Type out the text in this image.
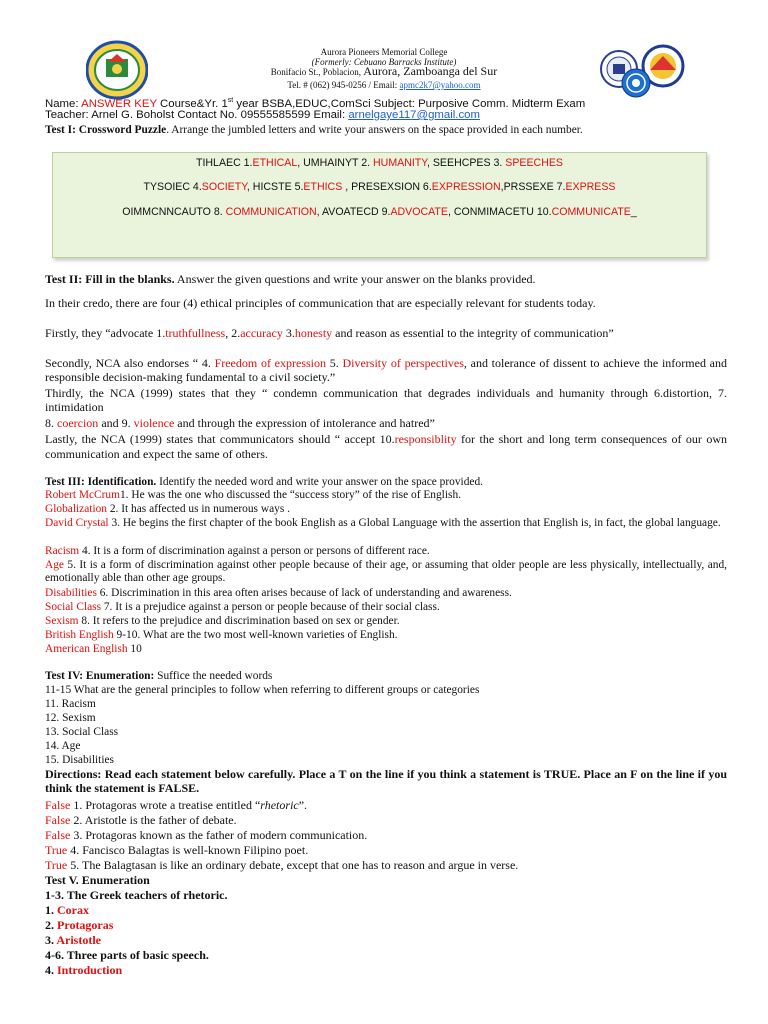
Aurora Pioneers Memorial College
(Formerly: Cebuano Barracks Institute)
Bonifacio St., Poblacion, Aurora, Zamboanga del Sur
Tel. # (062) 945-0256 / Email: apmc2k7@yahoo.com
Name: ANSWER KEY Course&Yr. 1st year BSBA,EDUC,ComSci Subject: Purposive Comm. Midterm Exam
Teacher: Arnel G. Boholst Contact No. 09555585599 Email: arnelgaye117@gmail.com
Test I: Crossword Puzzle. Arrange the jumbled letters and write your answers on the space provided in each number.
TIHLAEC 1.ETHICAL, UMHAINYT 2. HUMANITY, SEEHCPES 3. SPEECHES
TYSOIEC 4.SOCIETY, HICSTE 5.ETHICS , PRESEXSION 6.EXPRESSION,PRSSEXE 7.EXPRESS
OIMMCNNCAUTO 8. COMMUNICATION, AVOATECD 9.ADVOCATE, CONMIMACETU 10.COMMUNICATE_
Test II: Fill in the blanks. Answer the given questions and write your answer on the blanks provided.
In their credo, there are four (4) ethical principles of communication that are especially relevant for students today.
Firstly, they “advocate 1.truthfullness, 2.accuracy 3.honesty and reason as essential to the integrity of communication”
Secondly, NCA also endorses “ 4. Freedom of expression 5. Diversity of perspectives, and tolerance of dissent to achieve the informed and responsible decision-making fundamental to a civil society.”
Thirdly, the NCA (1999) states that they “ condemn communication that degrades individuals and humanity through 6.distortion, 7. intimidation
8. coercion and 9. violence and through the expression of intolerance and hatred”
Lastly, the NCA (1999) states that communicators should “ accept 10.responsiblity for the short and long term consequences of our own communication and expect the same of others.
Test III: Identification. Identify the needed word and write your answer on the space provided.
Robert McCrum1. He was the one who discussed the “success story” of the rise of English.
Globalization 2. It has affected us in numerous ways .
David Crystal 3. He begins the first chapter of the book English as a Global Language with the assertion that English is, in fact, the global language.
Racism 4. It is a form of discrimination against a person or persons of different race.
Age 5. It is a form of discrimination against other people because of their age, or assuming that older people are less physically, intellectually, and, emotionally able than other age groups.
Disabilities 6. Discrimination in this area often arises because of lack of understanding and awareness.
Social Class 7. It is a prejudice against a person or people because of their social class.
Sexism 8. It refers to the prejudice and discrimination based on sex or gender.
British English 9-10. What are the two most well-known varieties of English.
American English 10
Test IV: Enumeration: Suffice the needed words
11-15 What are the general principles to follow when referring to different groups or categories
11. Racism
12. Sexism
13. Social Class
14. Age
15. Disabilities
Directions: Read each statement below carefully. Place a T on the line if you think a statement is TRUE. Place an F on the line if you think the statement is FALSE.
False 1. Protagoras wrote a treatise entitled “rhetoric”.
False 2. Aristotle is the father of debate.
False 3. Protagoras known as the father of modern communication.
True 4. Fancisco Balagtas is well-known Filipino poet.
True 5. The Balagtasan is like an ordinary debate, except that one has to reason and argue in verse.
Test V. Enumeration
1-3. The Greek teachers of rhetoric.
1. Corax
2. Protagoras
3. Aristotle
4-6. Three parts of basic speech.
4. Introduction
